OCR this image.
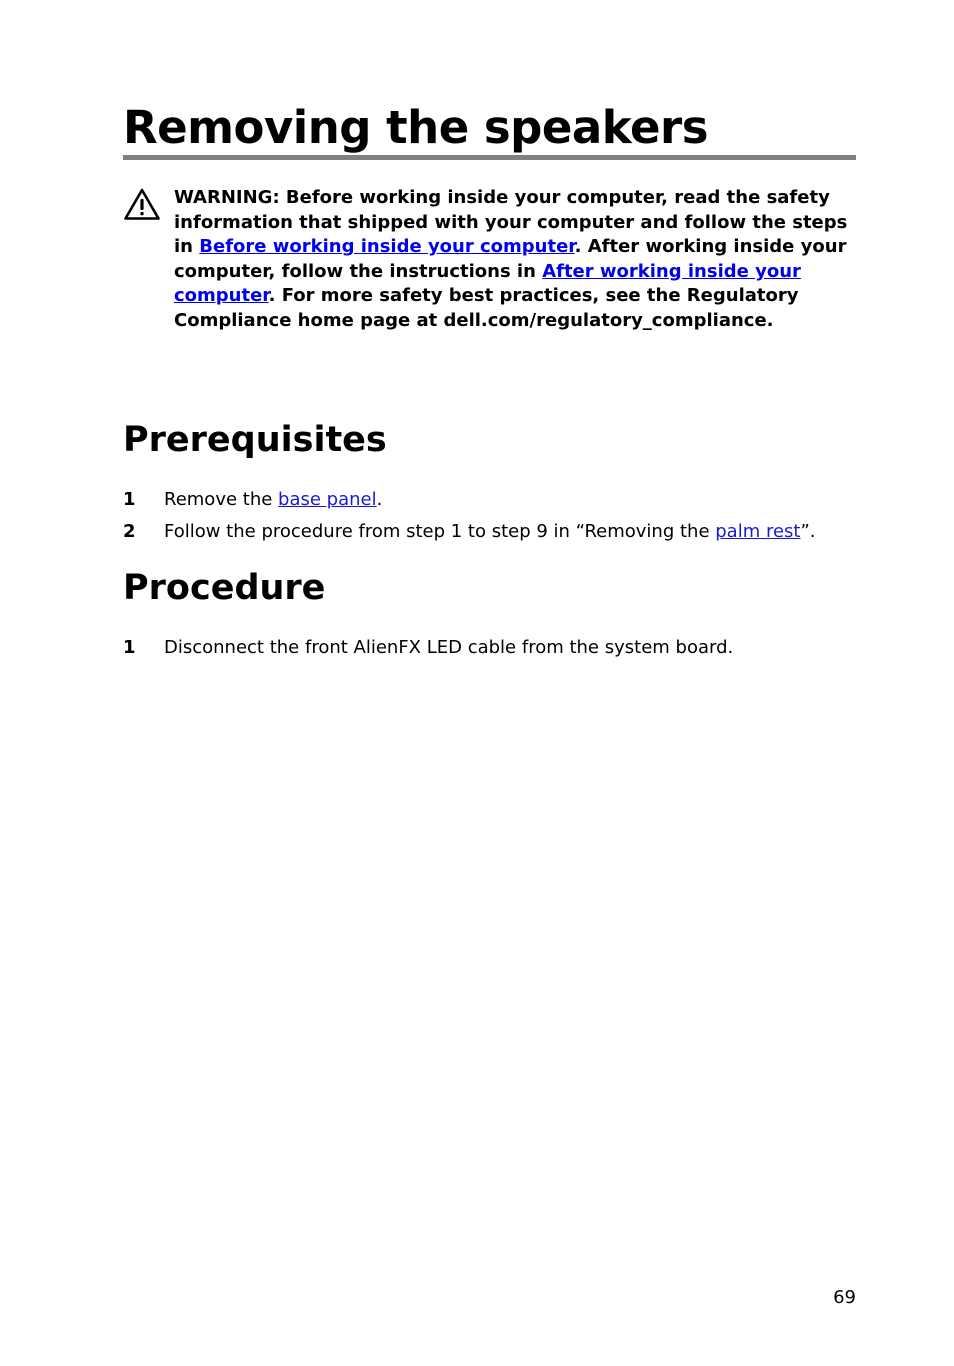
Removing the speakers

WARNING: Before working inside your computer, read the safety information that shipped with your computer and follow the steps in Before working inside your computer. After working inside your computer, follow the instructions in After working inside your computer. For more safety best practices, see the Regulatory Compliance home page at dell.com/regulatory_compliance.

Prerequisites
1 Remove the base panel.
2 Follow the procedure from step 1 to step 9 in “Removing the palm rest”.
Procedure
1 Disconnect the front AlienFX LED cable from the system board.
69
